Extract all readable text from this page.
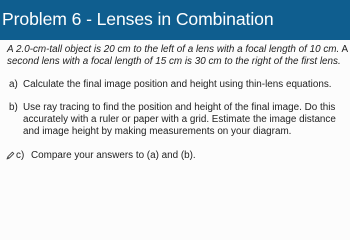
Problem 6 - Lenses in Combination

A 2.0-cm-tall object is 20 cm to the left of a lens with a focal length of 10 cm. A

second lens with a focal length of 15 cm is 30 cm to the right of the first lens.

a) Calculate the final image position and height using thin-lens equations.

b) Use ray tracing to find the position and height of the final image. Do this

accurately with a ruler or paper with a grid. Estimate the image distance

and image height by making measurements on your diagram.

c) Compare your answers to (a) and (b).
